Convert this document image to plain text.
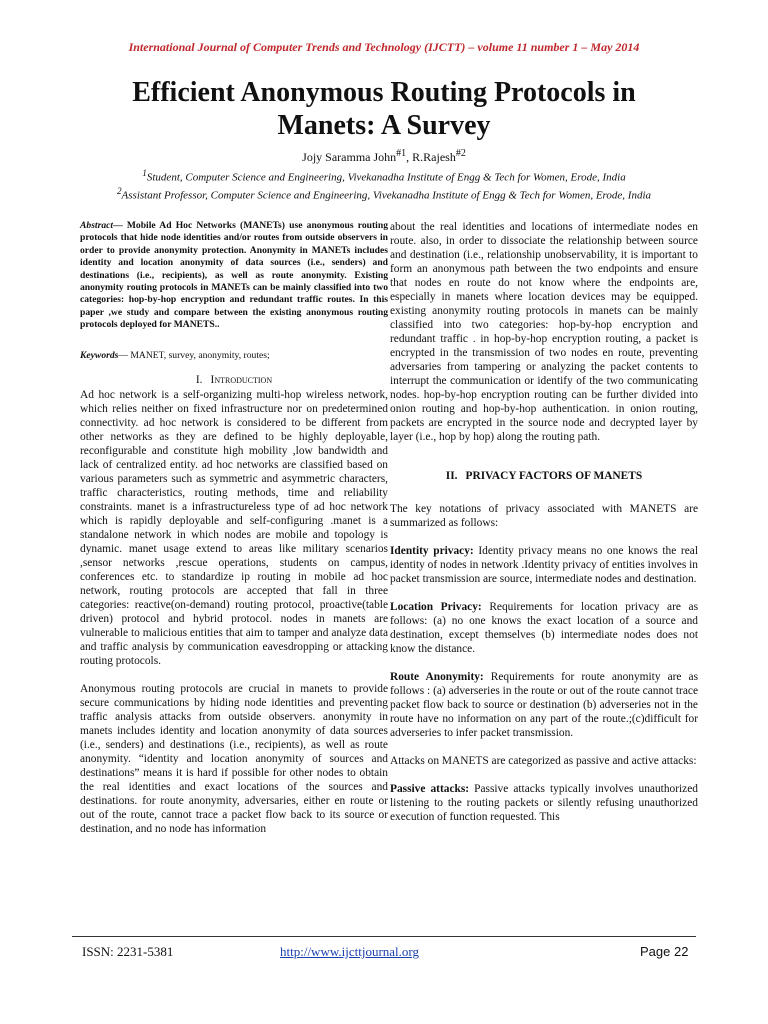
International Journal of Computer Trends and Technology (IJCTT) – volume 11 number 1 – May 2014
Efficient Anonymous Routing Protocols in
Manets: A Survey
Jojy Saramma John$^{\#1}$, R.Rajesh$^{\#2}$
$^1$Student, Computer Science and Engineering, Vivekanadha Institute of Engg & Tech for Women, Erode, India
$^2$Assistant Professor, Computer Science and Engineering, Vivekanadha Institute of Engg & Tech for Women, Erode, India

Abstract— Mobile Ad Hoc Networks (MANETs) use anonymous routing protocols that hide node identities and/or routes from outside observers in order to provide anonymity protection. Anonymity in MANETs includes identity and location anonymity of data sources (i.e., senders) and destinations (i.e., recipients), as well as route anonymity. Existing anonymity routing protocols in MANETs can be mainly classified into two categories: hop-by-hop encryption and redundant traffic routes. In this paper ,we study and compare between the existing anonymous routing protocols deployed for MANETS..

Keywords— MANET, survey, anonymity, routes;

I. Introduction

Ad hoc network is a self-organizing multi-hop wireless network, which relies neither on fixed infrastructure nor on predetermined connectivity. ad hoc network is considered to be different from other networks as they are defined to be highly deployable, reconfigurable and constitute high mobility ,low bandwidth and lack of centralized entity. ad hoc networks are classified based on various parameters such as symmetric and asymmetric characters, traffic characteristics, routing methods, time and reliability constraints. manet is a infrastructureless type of ad hoc network which is rapidly deployable and self-configuring .manet is a standalone network in which nodes are mobile and topology is dynamic. manet usage extend to areas like military scenarios ,sensor networks ,rescue operations, students on campus, conferences etc. to standardize ip routing in mobile ad hoc network, routing protocols are accepted that fall in three categories: reactive(on-demand) routing protocol, proactive(table driven) protocol and hybrid protocol. nodes in manets are vulnerable to malicious entities that aim to tamper and analyze data and traffic analysis by communication eavesdropping or attacking routing protocols.

Anonymous routing protocols are crucial in manets to provide secure communications by hiding node identities and preventing traffic analysis attacks from outside observers. anonymity in manets includes identity and location anonymity of data sources (i.e., senders) and destinations (i.e., recipients), as well as route anonymity. “identity and location anonymity of sources and destinations” means it is hard if possible for other nodes to obtain the real identities and exact locations of the sources and destinations. for route anonymity, adversaries, either en route or out of the route, cannot trace a packet flow back to its source or destination, and no node has information

about the real identities and locations of intermediate nodes en route. also, in order to dissociate the relationship between source and destination (i.e., relationship unobservability, it is important to form an anonymous path between the two endpoints and ensure that nodes en route do not know where the endpoints are, especially in manets where location devices may be equipped. existing anonymity routing protocols in manets can be mainly classified into two categories: hop-by-hop encryption and redundant traffic . in hop-by-hop encryption routing, a packet is encrypted in the transmission of two nodes en route, preventing adversaries from tampering or analyzing the packet contents to interrupt the communication or identify of the two communicating nodes. hop-by-hop encryption routing can be further divided into onion routing and hop-by-hop authentication. in onion routing, packets are encrypted in the source node and decrypted layer by layer (i.e., hop by hop) along the routing path.

II. PRIVACY FACTORS OF MANETS

The key notations of privacy associated with MANETS are summarized as follows:

Identity privacy: Identity privacy means no one knows the real identity of nodes in network .Identity privacy of entities involves in packet transmission are source, intermediate nodes and destination.

Location Privacy: Requirements for location privacy are as follows: (a) no one knows the exact location of a source and destination, except themselves (b) intermediate nodes does not know the distance.

Route Anonymity: Requirements for route anonymity are as follows : (a) adverseries in the route or out of the route cannot trace packet flow back to source or destination (b) adverseries not in the route have no information on any part of the route.;(c)difficult for adverseries to infer packet transmission.

Attacks on MANETS are categorized as passive and active attacks:

Passive attacks: Passive attacks typically involves unauthorized listening to the routing packets or silently refusing unauthorized execution of function requested. This

ISSN: 2231-5381	http://www.ijcttjournal.org	Page 22
